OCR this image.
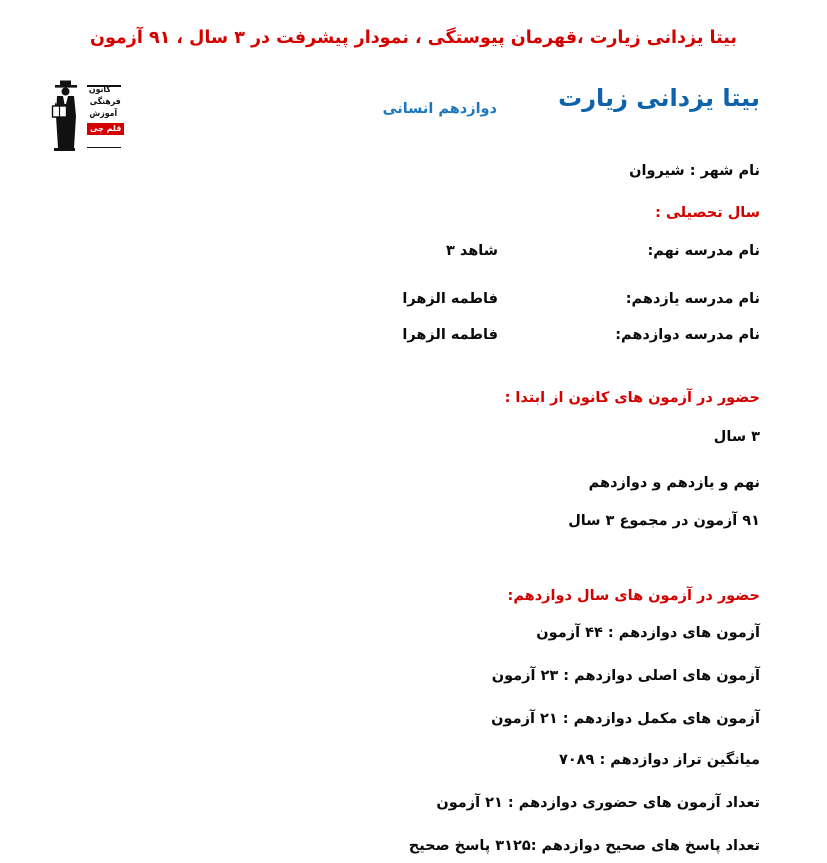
بیتا یزدانی زیارت ،قهرمان پیوستگی ، نمودار پیشرفت در ۳ سال ، ۹۱ آزمون
کانون
فرهنگی
آموزش
قلم چی
بیتا یزدانی زیارت
دوازدهم انسانی
نام شهر : شیروان
سال تحصیلی :
نام مدرسه نهم:
شاهد ۳
نام مدرسه یازدهم:
فاطمه الزهرا
نام مدرسه دوازدهم:
فاطمه الزهرا
حضور در آزمون های کانون از ابتدا :
۳ سال
نهم و یازدهم و دوازدهم
۹۱ آزمون در مجموع ۳ سال
حضور در آزمون های سال دوازدهم:
آزمون های دوازدهم : ۴۴ آزمون
آزمون های اصلی دوازدهم : ۲۳ آزمون
آزمون های مکمل دوازدهم : ۲۱ آزمون
میانگین تراز دوازدهم : ۷۰۸۹
تعداد آزمون های حضوری دوازدهم : ۲۱ آزمون
تعداد پاسخ های صحیح دوازدهم :۳۱۲۵ پاسخ صحیح
